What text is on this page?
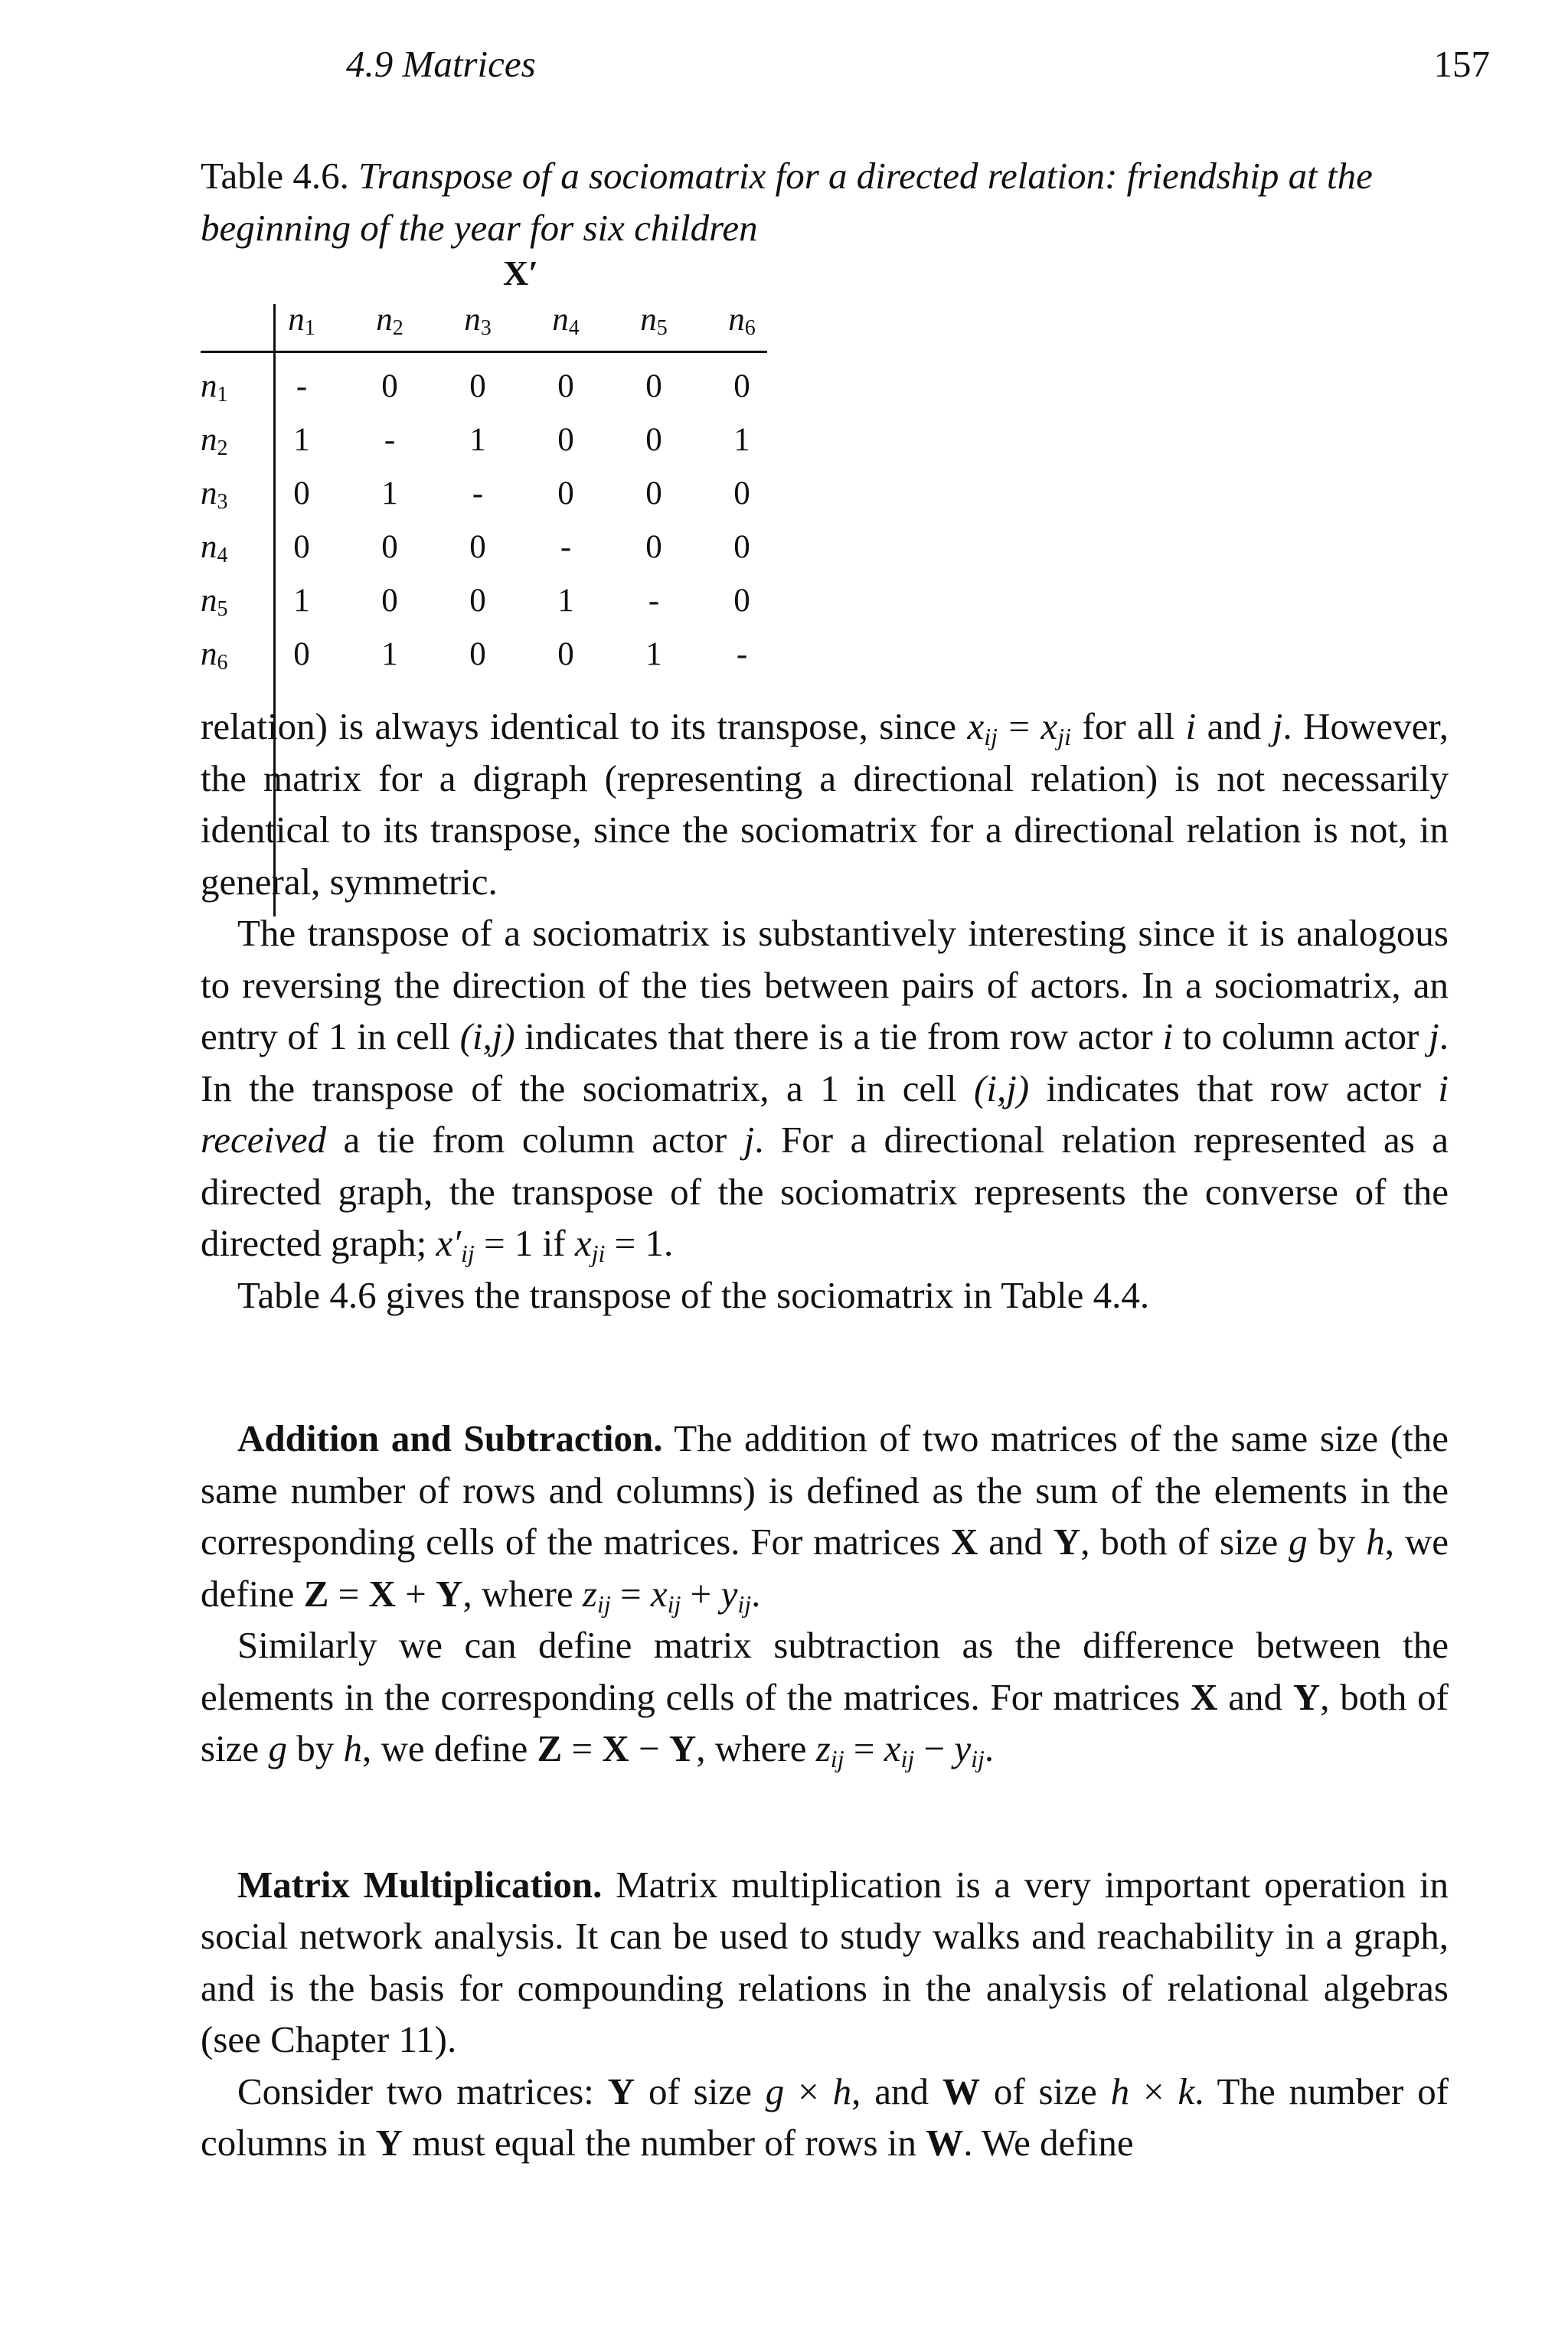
4.9 Matrices	157
Table 4.6. Transpose of a sociomatrix for a directed relation: friendship at the beginning of the year for six children
X′
$n_1$ $n_2$ $n_3$ $n_4$ $n_5$ $n_6$
$n_1$	-	0	0	0	0	0
$n_2$	1	-	1	0	0	1
$n_3$	0	1	-	0	0	0
$n_4$	0	0	0	-	0	0
$n_5$	1	0	0	1	-	0
$n_6$	0	1	0	0	1	-

relation) is always identical to its transpose, since $x_{ij} = x_{ji}$ for all i and j. However, the matrix for a digraph (representing a directional relation) is not necessarily identical to its transpose, since the sociomatrix for a directional relation is not, in general, symmetric.

The transpose of a sociomatrix is substantively interesting since it is analogous to reversing the direction of the ties between pairs of actors. In a sociomatrix, an entry of 1 in cell (i,j) indicates that there is a tie from row actor i to column actor j. In the transpose of the sociomatrix, a 1 in cell (i,j) indicates that row actor i received a tie from column actor j. For a directional relation represented as a directed graph, the transpose of the sociomatrix represents the converse of the directed graph; $x'_{ij} = 1$ if $x_{ji} = 1$.

Table 4.6 gives the transpose of the sociomatrix in Table 4.4.

Addition and Subtraction. The addition of two matrices of the same size (the same number of rows and columns) is defined as the sum of the elements in the corresponding cells of the matrices. For matrices X and Y, both of size g by h, we define Z = X + Y, where $z_{ij} = x_{ij} + y_{ij}$.

Similarly we can define matrix subtraction as the difference between the elements in the corresponding cells of the matrices. For matrices X and Y, both of size g by h, we define Z = X − Y, where $z_{ij} = x_{ij} - y_{ij}$.

Matrix Multiplication. Matrix multiplication is a very important operation in social network analysis. It can be used to study walks and reachability in a graph, and is the basis for compounding relations in the analysis of relational algebras (see Chapter 11).

Consider two matrices: Y of size g × h, and W of size h × k. The number of columns in Y must equal the number of rows in W. We define
